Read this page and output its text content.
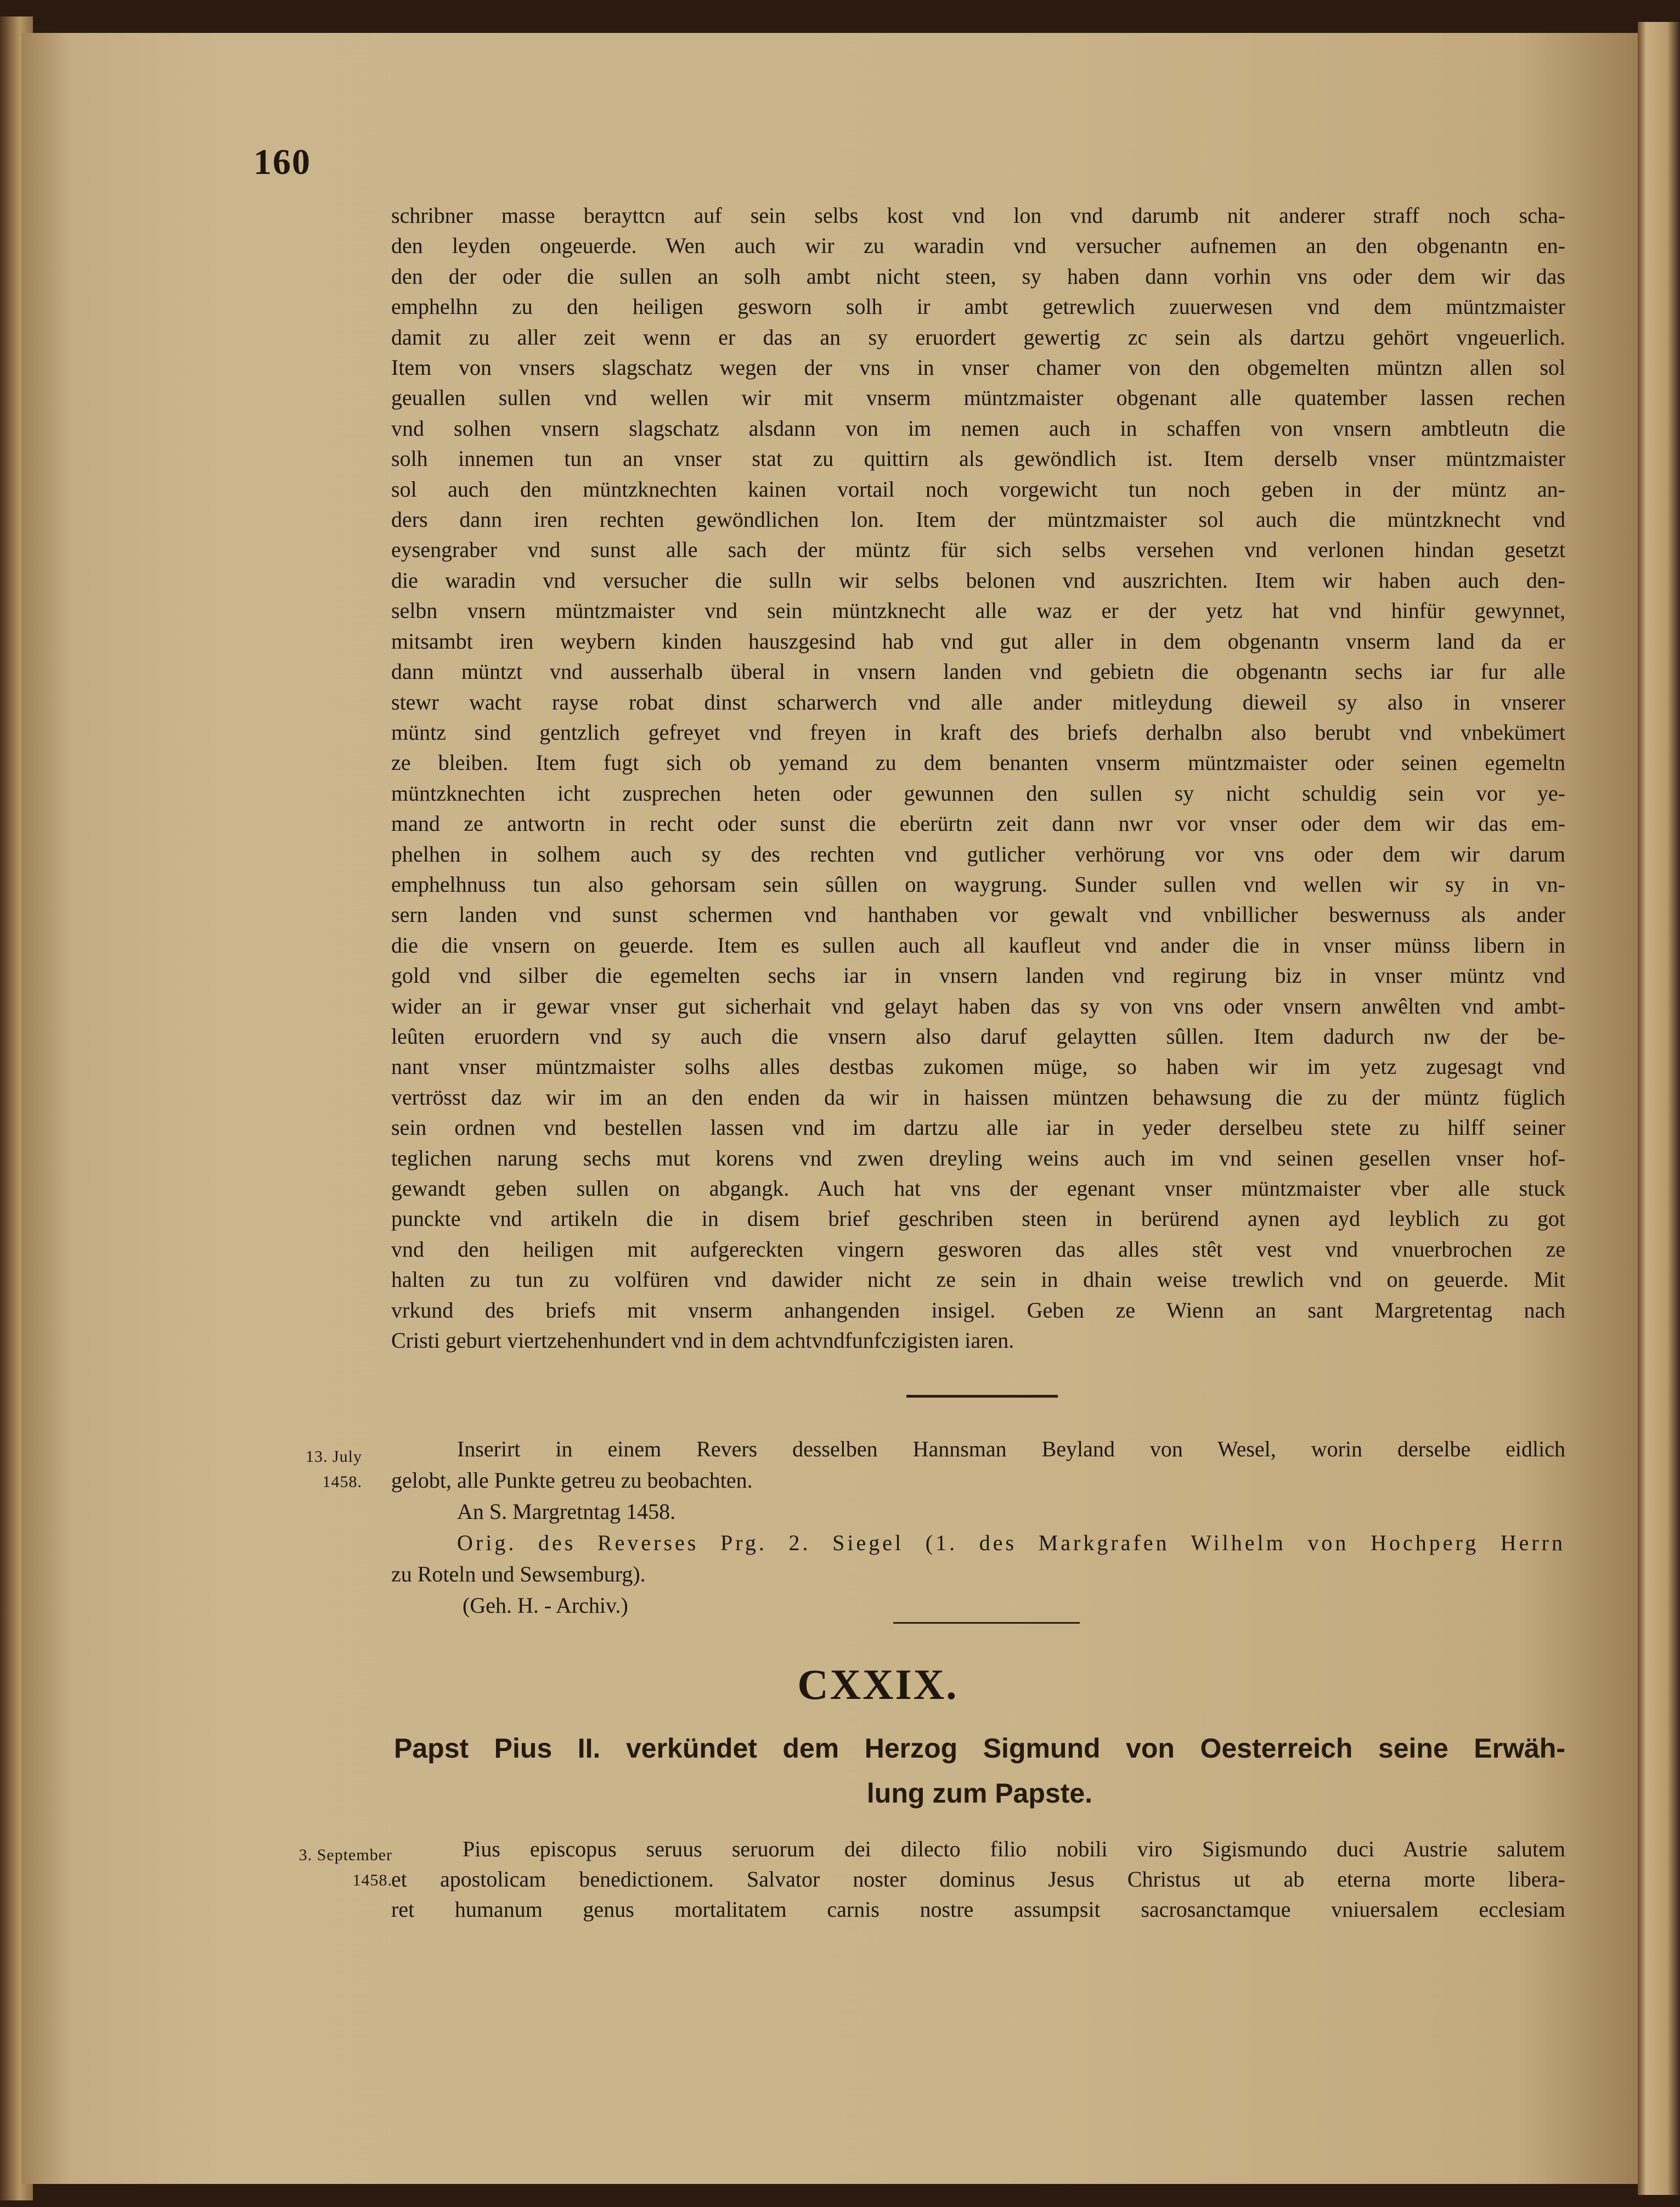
160
schribner masse berayttcn auf sein selbs kost vnd lon vnd darumb nit anderer straff noch scha-
den leyden ongeuerde. Wen auch wir zu waradin vnd versucher aufnemen an den obgenantn en-
den der oder die sullen an solh ambt nicht steen, sy haben dann vorhin vns oder dem wir das
emphelhn zu den heiligen gesworn solh ir ambt getrewlich zuuerwesen vnd dem müntzmaister
damit zu aller zeit wenn er das an sy eruordert gewertig zc sein als dartzu gehört vngeuerlich.
Item von vnsers slagschatz wegen der vns in vnser chamer von den obgemelten müntzn allen sol
geuallen sullen vnd wellen wir mit vnserm müntzmaister obgenant alle quatember lassen rechen
vnd solhen vnsern slagschatz alsdann von im nemen auch in schaffen von vnsern ambtleutn die
solh innemen tun an vnser stat zu quittirn als gewöndlich ist. Item derselb vnser müntzmaister
sol auch den müntzknechten kainen vortail noch vorgewicht tun noch geben in der müntz an-
ders dann iren rechten gewöndlichen lon. Item der müntzmaister sol auch die müntzknecht vnd
eysengraber vnd sunst alle sach der müntz für sich selbs versehen vnd verlonen hindan gesetzt
die waradin vnd versucher die sulln wir selbs belonen vnd auszrichten. Item wir haben auch den-
selbn vnsern müntzmaister vnd sein müntzknecht alle waz er der yetz hat vnd hinfür gewynnet,
mitsambt iren weybern kinden hauszgesind hab vnd gut aller in dem obgenantn vnserm land da er
dann müntzt vnd ausserhalb überal in vnsern landen vnd gebietn die obgenantn sechs iar fur alle
stewr wacht rayse robat dinst scharwerch vnd alle ander mitleydung dieweil sy also in vnserer
müntz sind gentzlich gefreyet vnd freyen in kraft des briefs derhalbn also berubt vnd vnbekümert
ze bleiben. Item fugt sich ob yemand zu dem benanten vnserm müntzmaister oder seinen egemeltn
müntzknechten icht zusprechen heten oder gewunnen den sullen sy nicht schuldig sein vor ye-
mand ze antwortn in recht oder sunst die eberürtn zeit dann nwr vor vnser oder dem wir das em-
phelhen in solhem auch sy des rechten vnd gutlicher verhörung vor vns oder dem wir darum
emphelhnuss tun also gehorsam sein sûllen on waygrung. Sunder sullen vnd wellen wir sy in vn-
sern landen vnd sunst schermen vnd hanthaben vor gewalt vnd vnbillicher beswernuss als ander
die die vnsern on geuerde. Item es sullen auch all kaufleut vnd ander die in vnser münss libern in
gold vnd silber die egemelten sechs iar in vnsern landen vnd regirung biz in vnser müntz vnd
wider an ir gewar vnser gut sicherhait vnd gelayt haben das sy von vns oder vnsern anwêlten vnd ambt-
leûten eruordern vnd sy auch die vnsern also daruf gelaytten sûllen. Item dadurch nw der be-
nant vnser müntzmaister solhs alles destbas zukomen müge, so haben wir im yetz zugesagt vnd
vertrösst daz wir im an den enden da wir in haissen müntzen behawsung die zu der müntz füglich
sein ordnen vnd bestellen lassen vnd im dartzu alle iar in yeder derselbeu stete zu hilff seiner
teglichen narung sechs mut korens vnd zwen dreyling weins auch im vnd seinen gesellen vnser hof-
gewandt geben sullen on abgangk. Auch hat vns der egenant vnser müntzmaister vber alle stuck
punckte vnd artikeln die in disem brief geschriben steen in berürend aynen ayd leyblich zu got
vnd den heiligen mit aufgereckten vingern gesworen das alles stêt vest vnd vnuerbrochen ze
halten zu tun zu volfüren vnd dawider nicht ze sein in dhain weise trewlich vnd on geuerde. Mit
vrkund des briefs mit vnserm anhangenden insigel. Geben ze Wienn an sant Margretentag nach
Cristi geburt viertzehenhundert vnd in dem achtvndfunfczigisten iaren.
13. July
1458.
Inserirt in einem Revers desselben Hannsman Beyland von Wesel, worin derselbe eidlich
gelobt, alle Punkte getreu zu beobachten.
An S. Margretntag 1458.
Orig. des Reverses Prg. 2. Siegel (1. des Markgrafen Wilhelm von Hochperg Herrn
zu Roteln und Sewsemburg).
(Geh. H. - Archiv.)
CXXIX.
Papst Pius II. verkündet dem Herzog Sigmund von Oesterreich seine Erwäh-
lung zum Papste.
3. September
1458.
Pius episcopus seruus seruorum dei dilecto filio nobili viro Sigismundo duci Austrie salutem
et apostolicam benedictionem. Salvator noster dominus Jesus Christus ut ab eterna morte libera-
ret humanum genus mortalitatem carnis nostre assumpsit sacrosanctamque vniuersalem ecclesiam
